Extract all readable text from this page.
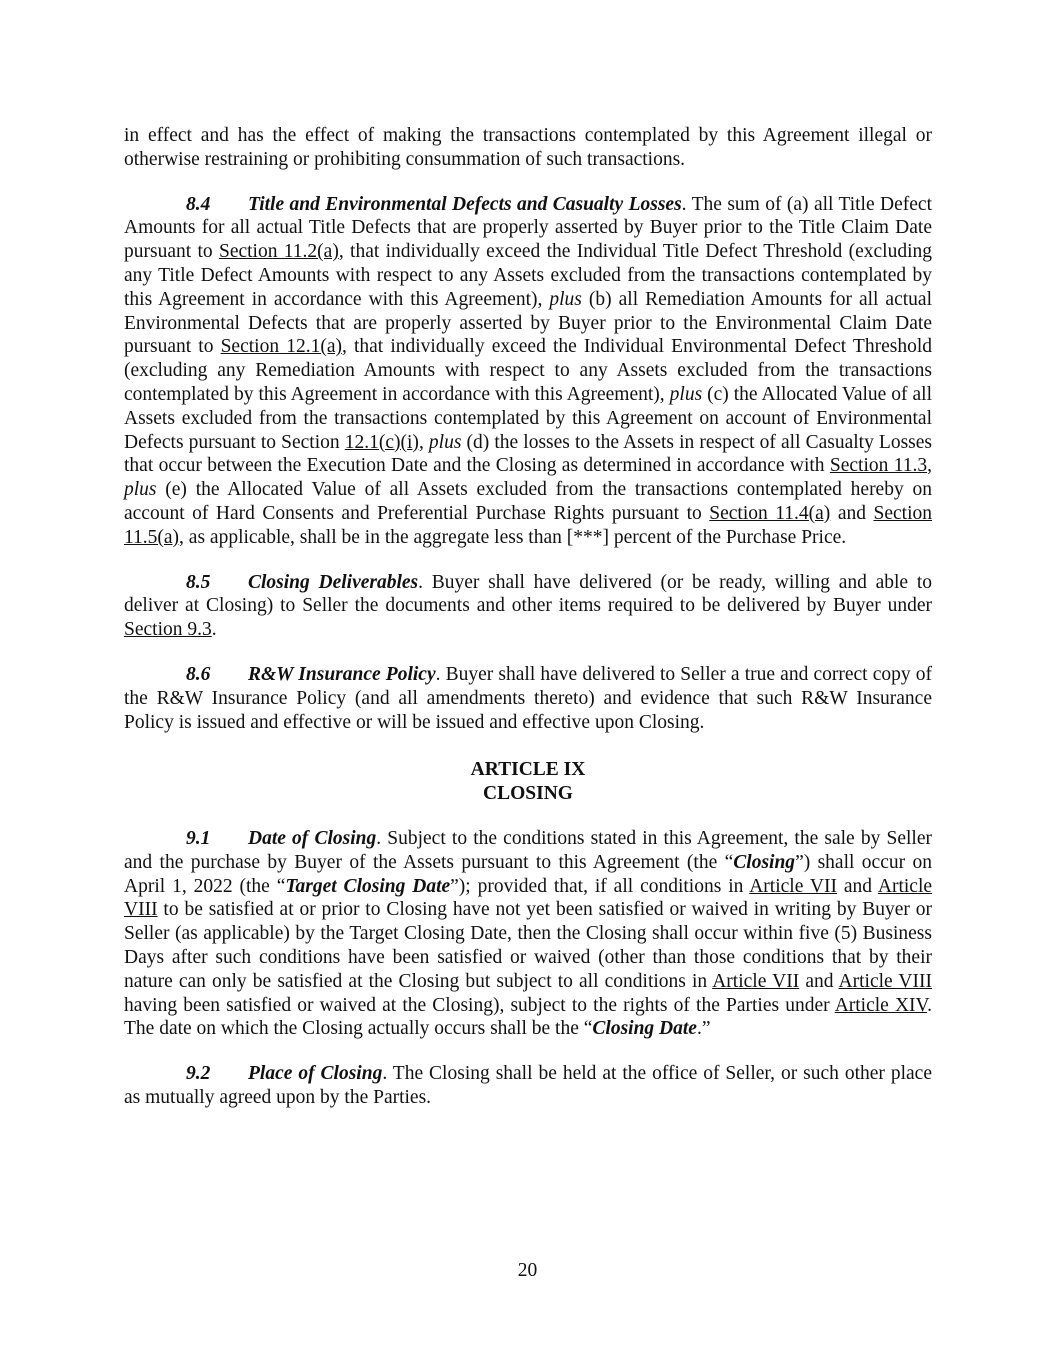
in effect and has the effect of making the transactions contemplated by this Agreement illegal or otherwise restraining or prohibiting consummation of such transactions.

8.4 Title and Environmental Defects and Casualty Losses. The sum of (a) all Title Defect Amounts for all actual Title Defects that are properly asserted by Buyer prior to the Title Claim Date pursuant to Section 11.2(a), that individually exceed the Individual Title Defect Threshold (excluding any Title Defect Amounts with respect to any Assets excluded from the transactions contemplated by this Agreement in accordance with this Agreement), plus (b) all Remediation Amounts for all actual Environmental Defects that are properly asserted by Buyer prior to the Environmental Claim Date pursuant to Section 12.1(a), that individually exceed the Individual Environmental Defect Threshold (excluding any Remediation Amounts with respect to any Assets excluded from the transactions contemplated by this Agreement in accordance with this Agreement), plus (c) the Allocated Value of all Assets excluded from the transactions contemplated by this Agreement on account of Environmental Defects pursuant to Section 12.1(c)(i), plus (d) the losses to the Assets in respect of all Casualty Losses that occur between the Execution Date and the Closing as determined in accordance with Section 11.3, plus (e) the Allocated Value of all Assets excluded from the transactions contemplated hereby on account of Hard Consents and Preferential Purchase Rights pursuant to Section 11.4(a) and Section 11.5(a), as applicable, shall be in the aggregate less than [***] percent of the Purchase Price.

8.5 Closing Deliverables. Buyer shall have delivered (or be ready, willing and able to deliver at Closing) to Seller the documents and other items required to be delivered by Buyer under Section 9.3.

8.6 R&W Insurance Policy. Buyer shall have delivered to Seller a true and correct copy of the R&W Insurance Policy (and all amendments thereto) and evidence that such R&W Insurance Policy is issued and effective or will be issued and effective upon Closing.

ARTICLE IX
CLOSING

9.1 Date of Closing. Subject to the conditions stated in this Agreement, the sale by Seller and the purchase by Buyer of the Assets pursuant to this Agreement (the “Closing”) shall occur on April 1, 2022 (the “Target Closing Date”); provided that, if all conditions in Article VII and Article VIII to be satisfied at or prior to Closing have not yet been satisfied or waived in writing by Buyer or Seller (as applicable) by the Target Closing Date, then the Closing shall occur within five (5) Business Days after such conditions have been satisfied or waived (other than those conditions that by their nature can only be satisfied at the Closing but subject to all conditions in Article VII and Article VIII having been satisfied or waived at the Closing), subject to the rights of the Parties under Article XIV. The date on which the Closing actually occurs shall be the “Closing Date.”

9.2 Place of Closing. The Closing shall be held at the office of Seller, or such other place as mutually agreed upon by the Parties.

20
